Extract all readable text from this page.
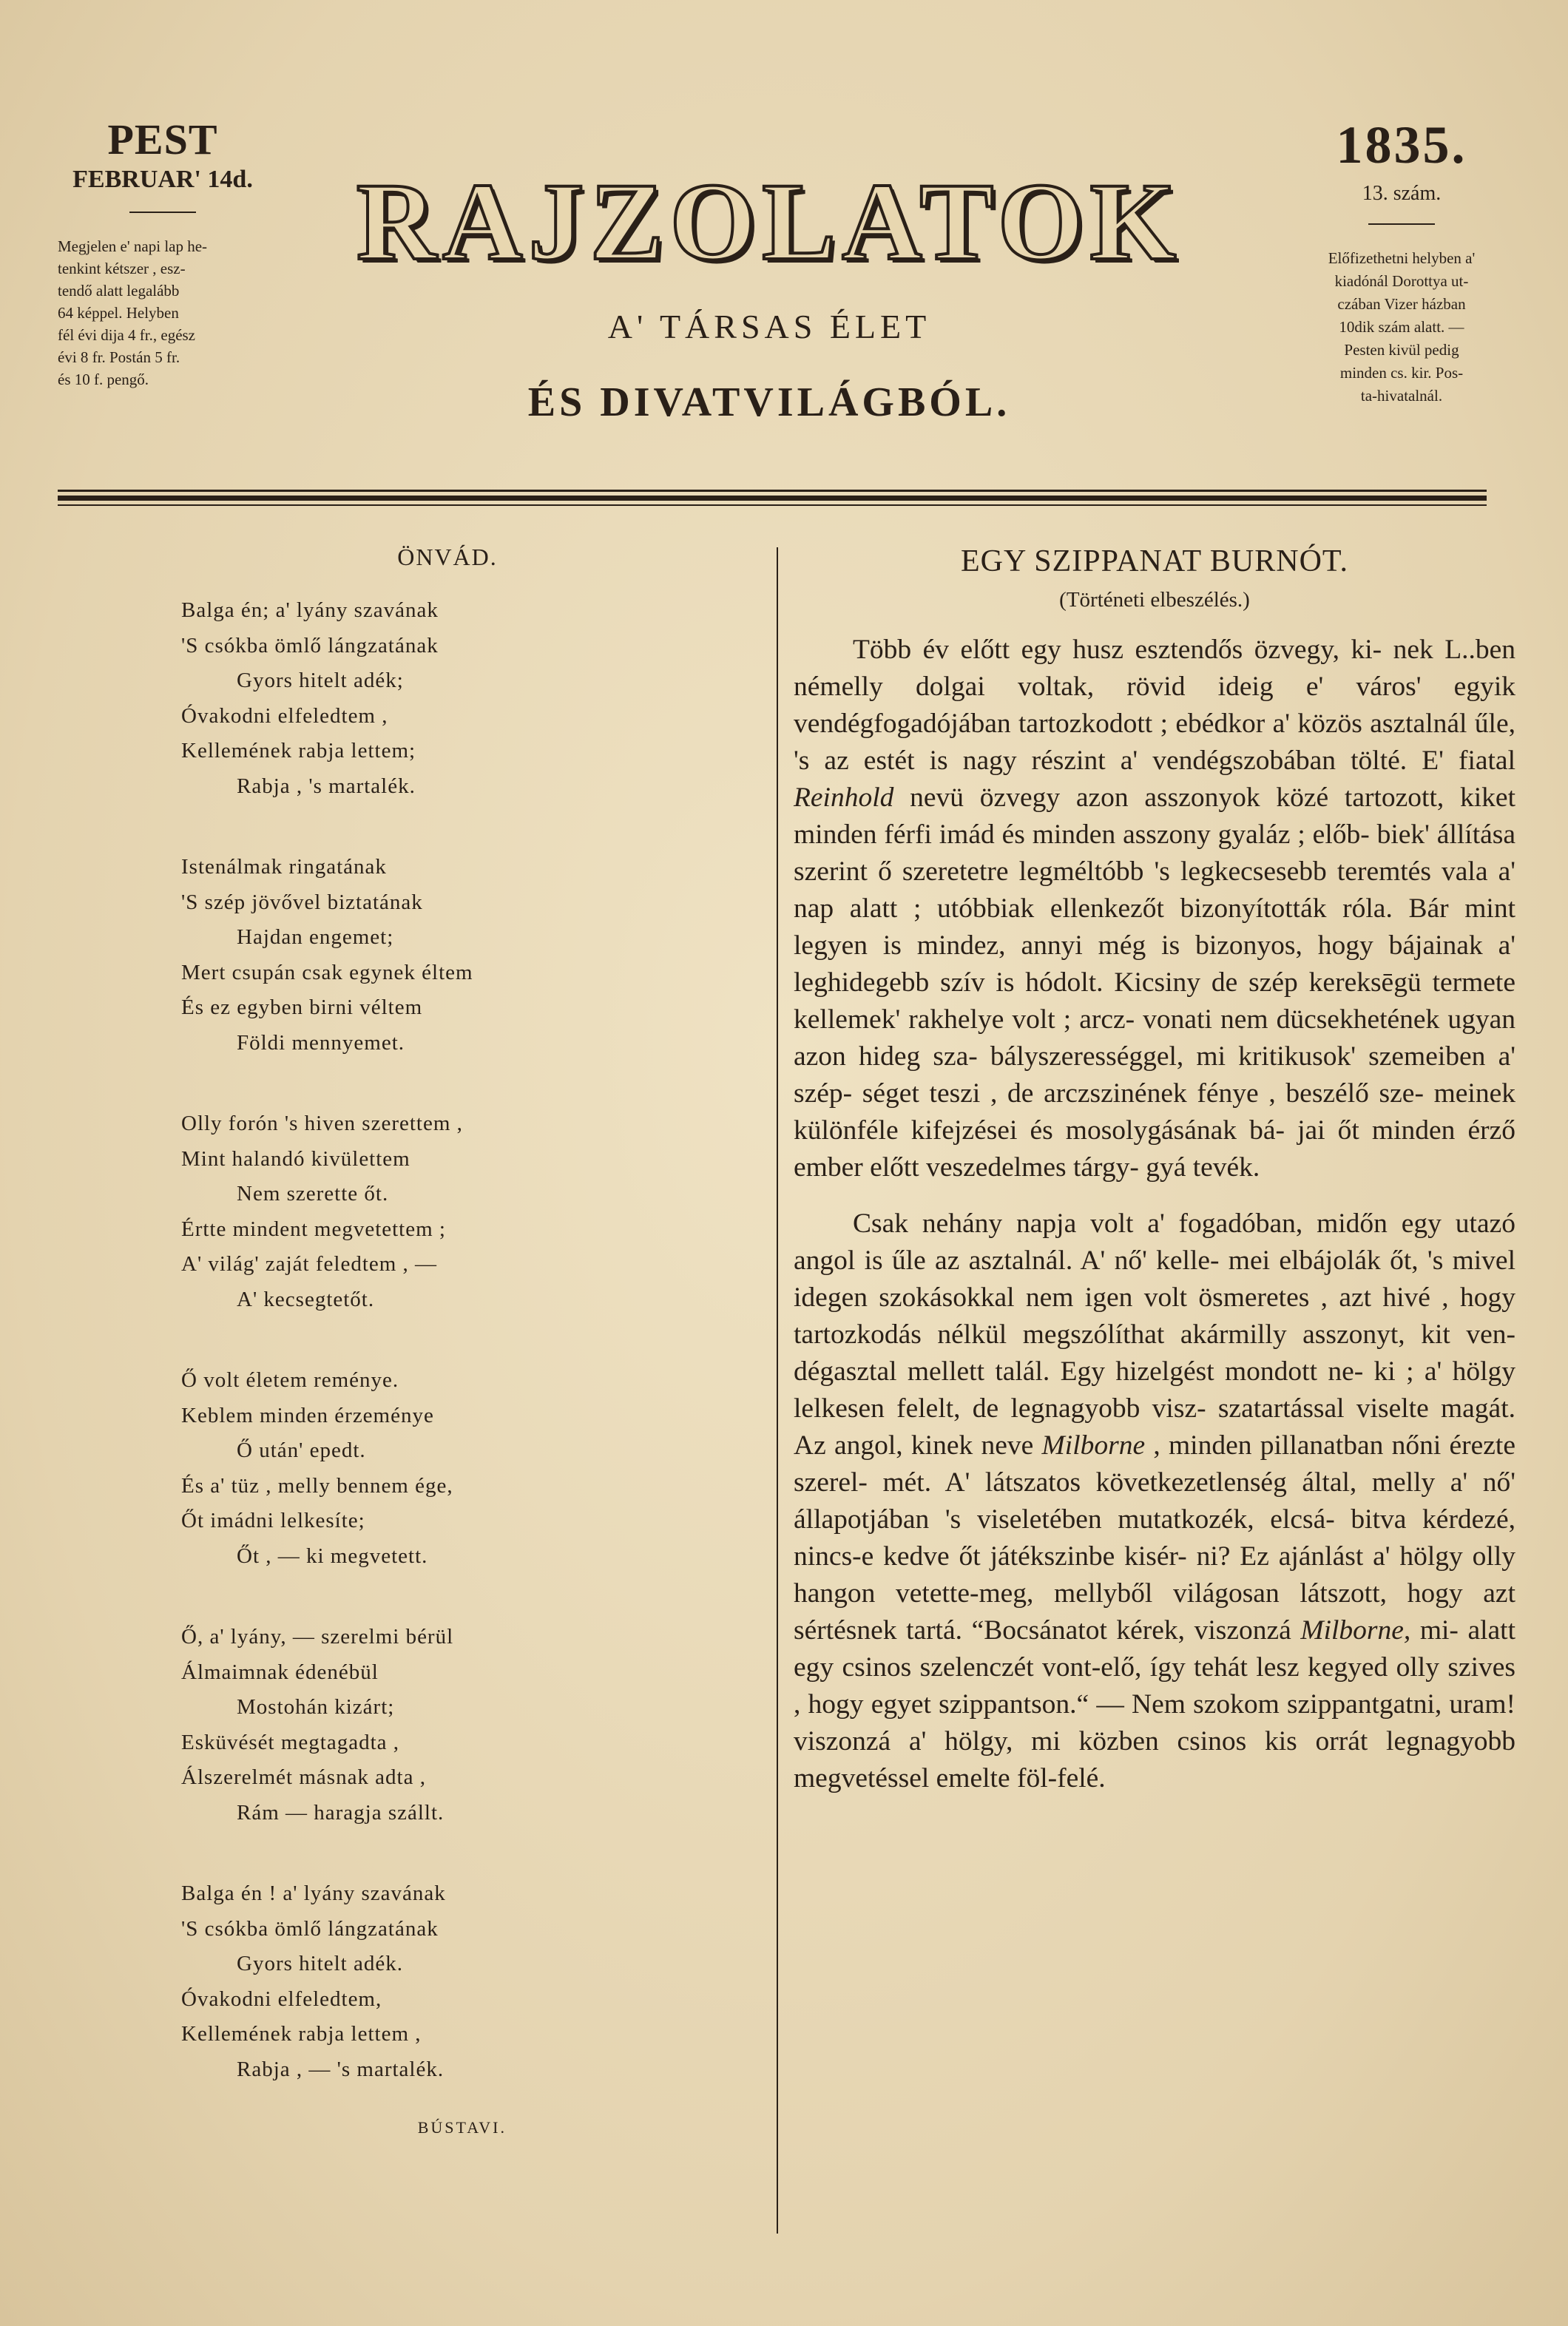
PEST
FEBRUAR' 14d.
Megjelen e' napi lap he-
tenkint kétszer , esz-
tendő alatt legalább
64 képpel. Helyben
fél évi dija 4 fr., egész
évi 8 fr. Postán 5 fr.
és 10 f. pengő.
RAJZOLATOK
A' TÁRSAS ÉLET
ÉS DIVATVILÁGBÓL.
1835.
13. szám.
Előfizethetni helyben a'
kiadónál Dorottya ut-
czában Vizer házban
10dik szám alatt. —
Pesten kivül pedig
minden cs. kir. Pos-
ta-hivatalnál.
ÖNVÁD.
Balga én; a' lyány szavának
'S csókba ömlő lángzatának
Gyors hitelt adék;
Óvakodni elfeledtem ,
Kellemének rabja lettem;
Rabja , 's martalék.
Istenálmak ringatának
'S szép jövővel biztatának
Hajdan engemet;
Mert csupán csak egynek éltem
És ez egyben birni véltem
Földi mennyemet.
Olly forón 's hiven szerettem ,
Mint halandó kivülettem
Nem szerette őt.
Értte mindent megvetettem ;
A' világ' zaját feledtem , —
A' kecsegtetőt.
Ő volt életem reménye.
Keblem minden érzeménye
Ő után' epedt.
És a' tüz , melly bennem ége,
Őt imádni lelkesíte;
Őt , — ki megvetett.
Ő, a' lyány, — szerelmi bérül
Álmaimnak édenébül
Mostohán kizárt;
Esküvését megtagadta ,
Álszerelmét másnak adta ,
Rám — haragja szállt.
Balga én ! a' lyány szavának
'S csókba ömlő lángzatának
Gyors hitelt adék.
Óvakodni elfeledtem,
Kellemének rabja lettem ,
Rabja , — 's martalék.
BÚSTAVI.
EGY SZIPPANAT BURNÓT.
(Történeti elbeszélés.)

Több év előtt egy husz esztendős özvegy, ki- nek L..ben némelly dolgai voltak, rövid ideig e' város' egyik vendégfogadójában tartozkodott ; ebédkor a' közös asztalnál űle, 's az estét is nagy részint a' vendégszobában tölté. E' fiatal Reinhold nevü özvegy azon asszonyok közé tartozott, kiket minden férfi imád és minden asszony gyaláz ; előb- biek' állítása szerint ő szeretetre legméltóbb 's legkecsesebb teremtés vala a' nap alatt ; utóbbiak ellenkezőt bizonyították róla. Bár mint legyen is mindez, annyi még is bizonyos, hogy bájainak a' leghidegebb szív is hódolt. Kicsiny de szép kereksēgü termete kellemek' rakhelye volt ; arcz- vonati nem dücsekhetének ugyan azon hideg sza- bályszerességgel, mi kritikusok' szemeiben a' szép- séget teszi , de arczszinének fénye , beszélő sze- meinek különféle kifejzései és mosolygásának bá- jai őt minden érző ember előtt veszedelmes tárgy- gyá tevék.

Csak nehány napja volt a' fogadóban, midőn egy utazó angol is űle az asztalnál. A' nő' kelle- mei elbájolák őt, 's mivel idegen szokásokkal nem igen volt ösmeretes , azt hivé , hogy tartozkodás nélkül megszólíthat akármilly asszonyt, kit ven- dégasztal mellett talál. Egy hizelgést mondott ne- ki ; a' hölgy lelkesen felelt, de legnagyobb visz- szatartással viselte magát. Az angol, kinek neve Milborne , minden pillanatban nőni érezte szerel- mét. A' látszatos következetlenség által, melly a' nő' állapotjában 's viseletében mutatkozék, elcsá- bitva kérdezé, nincs-e kedve őt játékszinbe kisér- ni? Ez ajánlást a' hölgy olly hangon vetette-meg, mellyből világosan látszott, hogy azt sértésnek tartá. “Bocsánatot kérek, viszonzá Milborne, mi- alatt egy csinos szelenczét vont-elő, így tehát lesz kegyed olly szives , hogy egyet szippantson.“ — Nem szokom szippantgatni, uram! viszonzá a' hölgy, mi közben csinos kis orrát legnagyobb megvetéssel emelte föl-felé.
